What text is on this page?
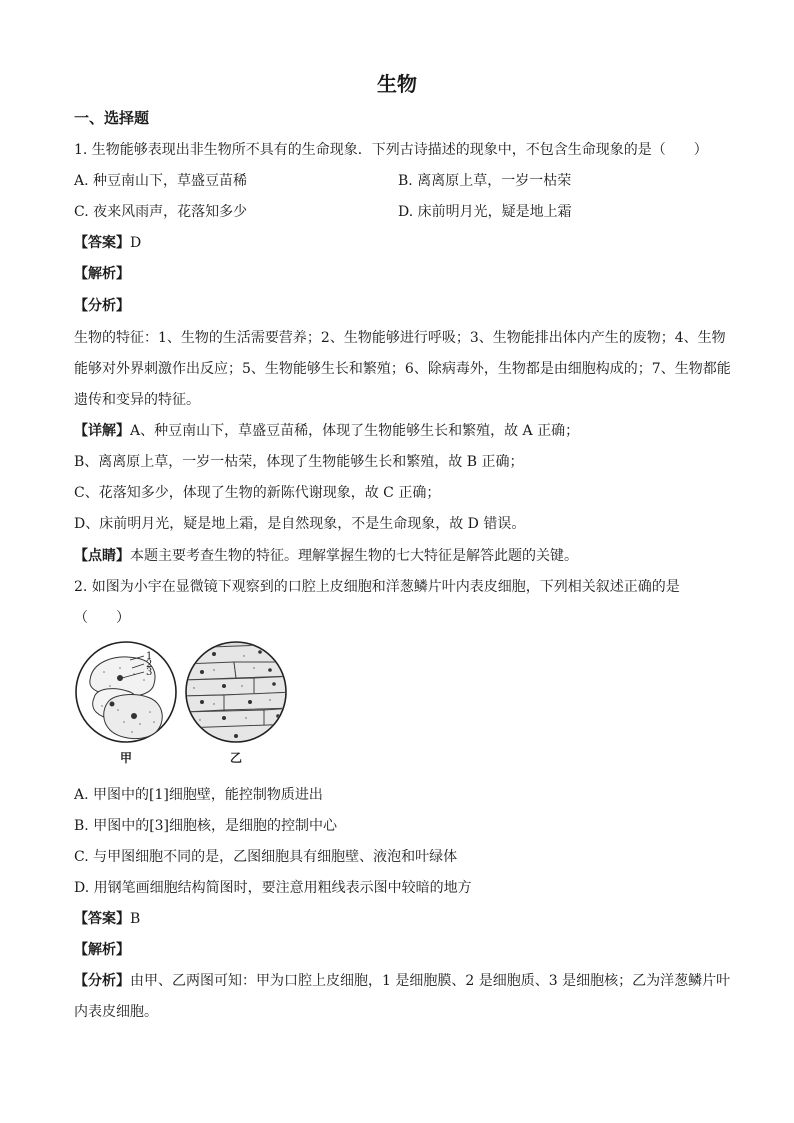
生物
一、选择题
1. 生物能够表现出非生物所不具有的生命现象．下列古诗描述的现象中，不包含生命现象的是（　　）
A. 种豆南山下，草盛豆苗稀	B. 离离原上草，一岁一枯荣
C. 夜来风雨声，花落知多少	D. 床前明月光，疑是地上霜
【答案】D
【解析】
【分析】
生物的特征：1、生物的生活需要营养；2、生物能够进行呼吸；3、生物能排出体内产生的废物；4、生物
能够对外界刺激作出反应；5、生物能够生长和繁殖；6、除病毒外，生物都是由细胞构成的；7、生物都能
遗传和变异的特征。
【详解】A、种豆南山下，草盛豆苗稀，体现了生物能够生长和繁殖，故 A 正确；
B、离离原上草，一岁一枯荣，体现了生物能够生长和繁殖，故 B 正确；
C、花落知多少，体现了生物的新陈代谢现象，故 C 正确；
D、床前明月光，疑是地上霜，是自然现象，不是生命现象，故 D 错误。
【点睛】本题主要考查生物的特征。理解掌握生物的七大特征是解答此题的关键。
2. 如图为小宇在显微镜下观察到的口腔上皮细胞和洋葱鳞片叶内表皮细胞，下列相关叙述正确的是
（　　）
1
2
3
甲	乙
A. 甲图中的[1]细胞壁，能控制物质进出
B. 甲图中的[3]细胞核，是细胞的控制中心
C. 与甲图细胞不同的是，乙图细胞具有细胞壁、液泡和叶绿体
D. 用钢笔画细胞结构简图时，要注意用粗线表示图中较暗的地方
【答案】B
【解析】
【分析】由甲、乙两图可知：甲为口腔上皮细胞，1 是细胞膜、2 是细胞质、3 是细胞核；乙为洋葱鳞片叶
内表皮细胞。
